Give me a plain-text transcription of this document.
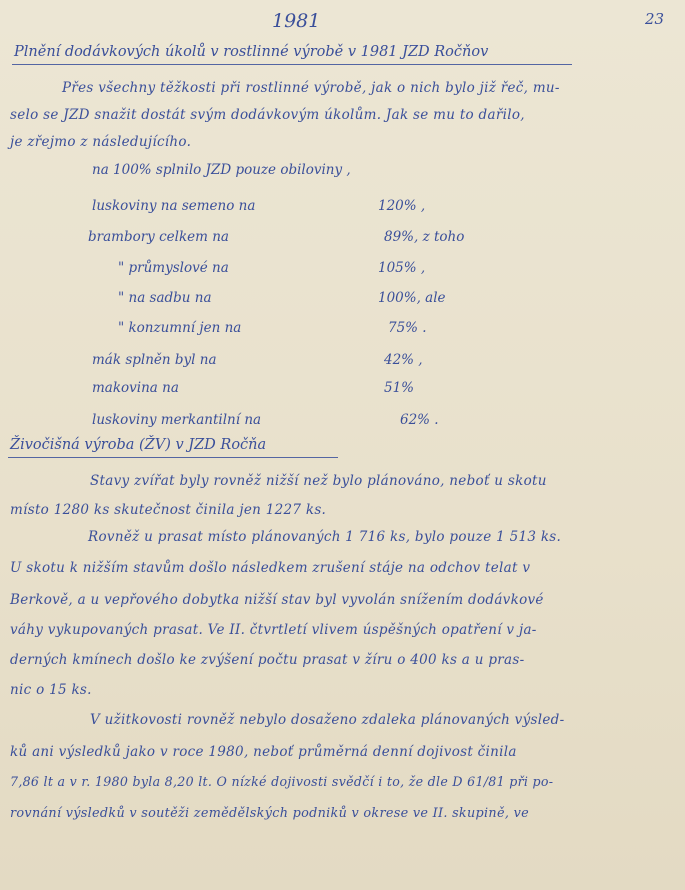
1981	23
Plnění dodávkových úkolů v rostlinné výrobě v 1981 JZD Ročňov
Přes všechny těžkosti při rostlinné výrobě, jak o nich bylo již řeč, mu-
selo se JZD snažit dostát svým dodávkovým úkolům. Jak se mu to dařilo,
je zřejmo z následujícího.
na 100% splnilo JZD pouze obiloviny ,
luskoviny na semeno na	120% ,
brambory celkem na	89%, z toho
" průmyslové na	105% ,
" na sadbu na	100%, ale
" konzumní jen na	75% .
mák splněn byl na	42% ,
makovina na	51%
luskoviny merkantilní na	62% .
Živočišná výroba (ŽV) v JZD Ročňa
Stavy zvířat byly rovněž nižší než bylo plánováno, neboť u skotu
místo 1280 ks skutečnost činila jen 1227 ks.
Rovněž u prasat místo plánovaných 1 716 ks, bylo pouze 1 513 ks.
U skotu k nižším stavům došlo následkem zrušení stáje na odchov telat v
Berkově, a u vepřového dobytka nižší stav byl vyvolán snížením dodávkové
váhy vykupovaných prasat. Ve II. čtvrtletí vlivem úspěšných opatření v ja-
derných kmínech došlo ke zvýšení počtu prasat v žíru o 400 ks a u pras-
nic o 15 ks.
V užitkovosti rovněž nebylo dosaženo zdaleka plánovaných výsled-
ků ani výsledků jako v roce 1980, neboť průměrná denní dojivost činila
7,86 lt a v r. 1980 byla 8,20 lt. O nízké dojivosti svědčí i to, že dle D 61/81 při po-
rovnání výsledků v soutěži zemědělských podniků v okrese ve II. skupině, ve
